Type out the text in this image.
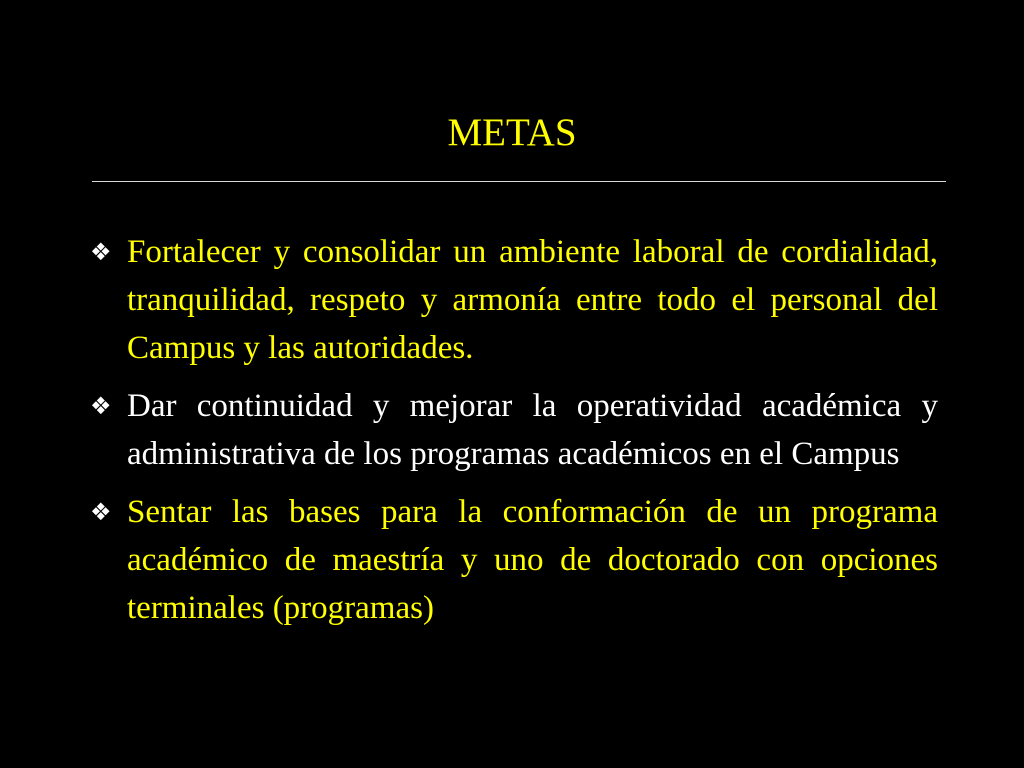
METAS
❖ Fortalecer y consolidar un ambiente laboral de cordialidad, tranquilidad, respeto y armonía entre todo el personal del Campus y las autoridades.
❖ Dar continuidad y mejorar la operatividad académica y administrativa de los programas académicos en el Campus
❖ Sentar las bases para la conformación de un programa académico de maestría y uno de doctorado con opciones terminales (programas)
